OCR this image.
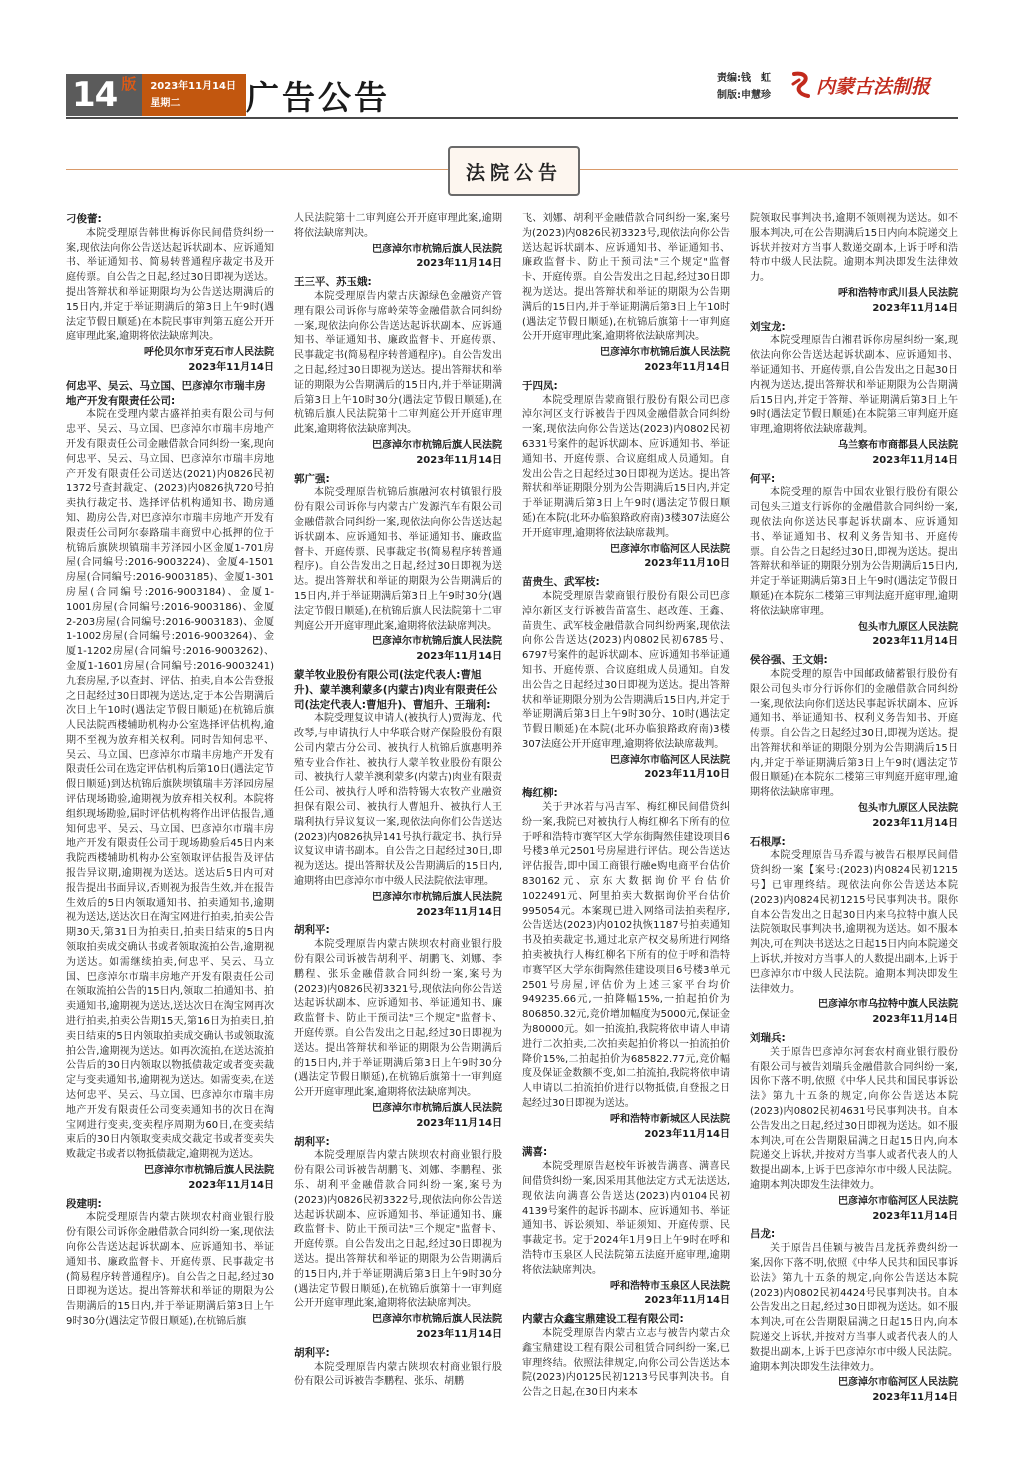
14 版	2023年11月14日
星期二	广告公告	责编:钱　虹
制版:申慧珍 内蒙古法制报
法院公告
刁俊蕾:
本院受理原告韩世梅诉你民间借贷纠纷一案,现依法向你公告送达起诉状副本、应诉通知书、举证通知书、简易转普通程序裁定书及开庭传票。自公告之日起,经过30日即视为送达。提出答辩状和举证期限均为公告送达期满后的15日内,并定于举证期满后的第3日上午9时(遇法定节假日顺延)在本院民事审判第五庭公开开庭审理此案,逾期将依法缺席判决。
呼伦贝尔市牙克石市人民法院
2023年11月14日
何忠平、吴云、马立国、巴彦淖尔市瑞丰房地产开发有限责任公司:
本院在受理内蒙古盛祥拍卖有限公司与何忠平、吴云、马立国、巴彦淖尔市瑞丰房地产开发有限责任公司金融借款合同纠纷一案,现向何忠平、吴云、马立国、巴彦淖尔市瑞丰房地产开发有限责任公司送达(2021)内0826民初1372号查封裁定、(2023)内0826执720号拍卖执行裁定书、选择评估机构通知书、勘房通知、勘房公告,对巴彦淖尔市瑞丰房地产开发有限责任公司阿尔泰路瑞丰商贸中心抵押的位于杭锦后旗陕坝镇瑞丰芳泽园小区金厦1-701房屋(合同编号:2016-9003224)、金厦4-1501房屋(合同编号:2016-9003185)、金厦1-301房屋(合同编号:2016-9003184)、金厦1-1001房屋(合同编号:2016-9003186)、金厦2-203房屋(合同编号:2016-9003183)、金厦1-1002房屋(合同编号:2016-9003264)、金厦1-1202房屋(合同编号:2016-9003262)、金厦1-1601房屋(合同编号:2016-9003241)九套房屋,予以查封、评估、拍卖,自本公告登报之日起经过30日即视为送达,定于本公告期满后次日上午10时(遇法定节假日顺延)在杭锦后旗人民法院西楼辅助机构办公室选择评估机构,逾期不至视为放弃相关权利。同时告知何忠平、吴云、马立国、巴彦淖尔市瑞丰房地产开发有限责任公司在选定评估机构后第10日(遇法定节假日顺延)到达杭锦后旗陕坝镇瑞丰芳泽园房屋评估现场勘验,逾期视为放弃相关权利。本院将组织现场勘验,届时评估机构将作出评估报告,通知何忠平、吴云、马立国、巴彦淖尔市瑞丰房地产开发有限责任公司于现场勘验后45日内来我院西楼辅助机构办公室领取评估报告及评估报告异议期,逾期视为送达。送达后5日内可对报告提出书面异议,否则视为报告生效,并在报告生效后的5日内领取通知书、拍卖通知书,逾期视为送达,送达次日在淘宝网进行拍卖,拍卖公告期30天,第31日为拍卖日,拍卖日结束的5日内领取拍卖成交确认书或者领取流拍公告,逾期视为送达。如需继续拍卖,何忠平、吴云、马立国、巴彦淖尔市瑞丰房地产开发有限责任公司在领取流拍公告的15日内,领取二拍通知书、拍卖通知书,逾期视为送达,送达次日在淘宝网再次进行拍卖,拍卖公告期15天,第16日为拍卖日,拍卖日结束的5日内领取拍卖成交确认书或领取流拍公告,逾期视为送达。如再次流拍,在送达流拍公告后的30日内领取以物抵债裁定或者变卖裁定与变卖通知书,逾期视为送达。如需变卖,在送达何忠平、吴云、马立国、巴彦淖尔市瑞丰房地产开发有限责任公司变卖通知书的次日在淘宝网进行变卖,变卖程序周期为60日,在变卖结束后的30日内领取变卖成交裁定书或者变卖失败裁定书或者以物抵债裁定,逾期视为送达。
巴彦淖尔市杭锦后旗人民法院
2023年11月14日
段建明:
本院受理原告内蒙古陕坝农村商业银行股份有限公司诉你金融借款合同纠纷一案,现依法向你公告送达起诉状副本、应诉通知书、举证通知书、廉政监督卡、开庭传票、民事裁定书(简易程序转普通程序)。自公告之日起,经过30日即视为送达。提出答辩状和举证的期限为公告期满后的15日内,并于举证期满后第3日上午9时30分(遇法定节假日顺延),在杭锦后旗
人民法院第十二审判庭公开开庭审理此案,逾期将依法缺席判决。
巴彦淖尔市杭锦后旗人民法院
2023年11月14日
王三平、苏玉娥:
本院受理原告内蒙古庆源绿色金融资产管理有限公司诉你与席岭荣等金融借款合同纠纷一案,现依法向你公告送达起诉状副本、应诉通知书、举证通知书、廉政监督卡、开庭传票、民事裁定书(简易程序转普通程序)。自公告发出之日起,经过30日即视为送达。提出答辩状和举证的期限为公告期满后的15日内,并于举证期满后第3日上午10时30分(遇法定节假日顺延),在杭锦后旗人民法院第十二审判庭公开开庭审理此案,逾期将依法缺席判决。
巴彦淖尔市杭锦后旗人民法院
2023年11月14日
郭广强:
本院受理原告杭锦后旗融河农村镇银行股份有限公司诉你与内蒙古广发源汽车有限公司金融借款合同纠纷一案,现依法向你公告送达起诉状副本、应诉通知书、举证通知书、廉政监督卡、开庭传票、民事裁定书(简易程序转普通程序)。自公告发出之日起,经过30日即视为送达。提出答辩状和举证的期限为公告期满后的15日内,并于举证期满后第3日上午9时30分(遇法定节假日顺延),在杭锦后旗人民法院第十二审判庭公开开庭审理此案,逾期将依法缺席判决。
巴彦淖尔市杭锦后旗人民法院
2023年11月14日
蒙羊牧业股份有限公司(法定代表人:曹旭升)、蒙羊澳利蒙多(内蒙古)肉业有限责任公司(法定代表人:曹旭升)、曹旭升、王瑞利:
本院受理复议申请人(被执行人)贾海龙、代改琴,与申请执行人中华联合财产保险股份有限公司内蒙古分公司、被执行人杭锦后旗惠明养殖专业合作社、被执行人蒙羊牧业股份有限公司、被执行人蒙羊澳利蒙多(内蒙古)肉业有限责任公司、被执行人呼和浩特锡大农牧产业融资担保有限公司、被执行人曹旭升、被执行人王瑞利执行异议复议一案,现依法向你们公告送达(2023)内0826执异141号执行裁定书、执行异议复议申请书副本。自公告之日起经过30日,即视为送达。提出答辩状及公告期满后的15日内,逾期将由巴彦淖尔市中级人民法院依法审理。
巴彦淖尔市杭锦后旗人民法院
2023年11月14日
胡利平:
本院受理原告内蒙古陕坝农村商业银行股份有限公司诉被告胡利平、胡鹏飞、刘娜、李鹏程、张乐金融借款合同纠纷一案,案号为(2023)内0826民初3321号,现依法向你公告送达起诉状副本、应诉通知书、举证通知书、廉政监督卡、防止干预司法"三个规定"监督卡、开庭传票。自公告发出之日起,经过30日即视为送达。提出答辩状和举证的期限为公告期满后的15日内,并于举证期满后第3日上午9时30分(遇法定节假日顺延),在杭锦后旗第十一审判庭公开开庭审理此案,逾期将依法缺席判决。
巴彦淖尔市杭锦后旗人民法院
2023年11月14日
胡利平:
本院受理原告内蒙古陕坝农村商业银行股份有限公司诉被告胡鹏飞、刘娜、李鹏程、张乐、胡利平金融借款合同纠纷一案,案号为(2023)内0826民初3322号,现依法向你公告送达起诉状副本、应诉通知书、举证通知书、廉政监督卡、防止干预司法"三个规定"监督卡、开庭传票。自公告发出之日起,经过30日即视为送达。提出答辩状和举证的期限为公告期满后的15日内,并于举证期满后第3日上午9时30分(遇法定节假日顺延),在杭锦后旗第十一审判庭公开开庭审理此案,逾期将依法缺席判决。
巴彦淖尔市杭锦后旗人民法院
2023年11月14日
胡利平:
本院受理原告内蒙古陕坝农村商业银行股份有限公司诉被告李鹏程、张乐、胡鹏
飞、刘娜、胡利平金融借款合同纠纷一案,案号为(2023)内0826民初3323号,现依法向你公告送达起诉状副本、应诉通知书、举证通知书、廉政监督卡、防止干预司法"三个规定"监督卡、开庭传票。自公告发出之日起,经过30日即视为送达。提出答辩状和举证的期限为公告期满后的15日内,并于举证期满后第3日上午10时(遇法定节假日顺延),在杭锦后旗第十一审判庭公开开庭审理此案,逾期将依法缺席判决。
巴彦淖尔市杭锦后旗人民法院
2023年11月14日
于四凤:
本院受理原告蒙商银行股份有限公司巴彦淖尔河区支行诉被告于四凤金融借款合同纠纷一案,现依法向你公告送达(2023)内0802民初6331号案件的起诉状副本、应诉通知书、举证通知书、开庭传票、合议庭组成人员通知。自发出公告之日起经过30日即视为送达。提出答辩状和举证期限分别为公告期满后15日内,并定于举证期满后第3日上午9时(遇法定节假日顺延)在本院(北环办临狼路政府南)3楼307法庭公开开庭审理,逾期将依法缺席裁判。
巴彦淖尔市临河区人民法院
2023年11月10日
苗贵生、武军枝:
本院受理原告蒙商银行股份有限公司巴彦淖尔新区支行诉被告苗富生、赵改莲、王鑫、苗贵生、武军枝金融借款合同纠纷两案,现依法向你公告送达(2023)内0802民初6785号、6797号案件的起诉状副本、应诉通知书举证通知书、开庭传票、合议庭组成人员通知。自发出公告之日起经过30日即视为送达。提出答辩状和举证期限分别为公告期满后15日内,并定于举证期满后第3日上午9时30分、10时(遇法定节假日顺延)在本院(北环办临狼路政府南)3楼307法庭公开开庭审理,逾期将依法缺席裁判。
巴彦淖尔市临河区人民法院
2023年11月10日
梅红柳:
关于尹冰若与冯吉军、梅红柳民间借贷纠纷一案,我院已对被执行人梅红柳名下所有的位于呼和浩特市赛罕区大学东街陶然佳建设项目6号楼3单元2501号房屋进行评估。现公告送达评估报告,即中国工商银行融e购电商平台估价830162元、京东大数据询价平台估价1022491元、阿里拍卖大数据询价平台估价995054元。本案现已进入网络司法拍卖程序,公告送达(2023)内0102执恢1187号拍卖通知书及拍卖裁定书,通过北京产权交易所进行网络拍卖被执行人梅红柳名下所有的位于呼和浩特市赛罕区大学东街陶然佳建设项目6号楼3单元2501号房屋,评估价为上述三家平台均价949235.66元,一拍降幅15%,一拍起拍价为806850.32元,竞价增加幅度为5000元,保证金为80000元。如一拍流拍,我院将依申请人申请进行二次拍卖,二次拍卖起拍价将以一拍流拍价降价15%,二拍起拍价为685822.77元,竞价幅度及保证金数额不变,如二拍流拍,我院将依申请人申请以二拍流拍价进行以物抵债,自登报之日起经过30日即视为送达。
呼和浩特市新城区人民法院
2023年11月14日
满喜:
本院受理原告赵校年诉被告满喜、满喜民间借贷纠纷一案,因采用其他法定方式无法送达,现依法向满喜公告送达(2023)内0104民初4139号案件的起诉书副本、应诉通知书、举证通知书、诉讼须知、举证须知、开庭传票、民事裁定书。定于2024年1月9日上午9时在呼和浩特市玉泉区人民法院第五法庭开庭审理,逾期将依法缺席判决。
呼和浩特市玉泉区人民法院
2023年11月14日
内蒙古众鑫宝鼎建设工程有限公司:
本院受理原告内蒙古立志与被告内蒙古众鑫宝鼎建设工程有限公司租赁合同纠纷一案,已审理终结。依照法律规定,向你公司公告送达本院(2023)内0125民初1213号民事判决书。自公告之日起,在30日内来本
院领取民事判决书,逾期不领则视为送达。如不服本判决,可在公告期满后15日内向本院递交上诉状并按对方当事人数递交副本,上诉于呼和浩特市中级人民法院。逾期本判决即发生法律效力。
呼和浩特市武川县人民法院
2023年11月14日
刘宝龙:
本院受理原告白湘君诉你房屋纠纷一案,现依法向你公告送达起诉状副本、应诉通知书、举证通知书、开庭传票,自公告发出之日起30日内视为送达,提出答辩状和举证期限为公告期满后15日内,并定于答辩、举证期满后第3日上午9时(遇法定节假日顺延)在本院第三审判庭开庭审理,逾期将依法缺席裁判。
乌兰察布市商都县人民法院
2023年11月14日
何平:
本院受理的原告中国农业银行股份有限公司包头三道支行诉你的金融借款合同纠纷一案,现依法向你送达民事起诉状副本、应诉通知书、举证通知书、权利义务告知书、开庭传票。自公告之日起经过30日,即视为送达。提出答辩状和举证的期限分别为公告期满后15日内,并定于举证期满后第3日上午9时(遇法定节假日顺延)在本院东二楼第三审判法庭开庭审理,逾期将依法缺席审理。
包头市九原区人民法院
2023年11月14日
侯谷强、王文娟:
本院受理的原告中国邮政储蓄银行股份有限公司包头市分行诉你们的金融借款合同纠纷一案,现依法向你们送达民事起诉状副本、应诉通知书、举证通知书、权利义务告知书、开庭传票。自公告之日起经过30日,即视为送达。提出答辩状和举证的期限分别为公告期满后15日内,并定于举证期满后第3日上午9时(遇法定节假日顺延)在本院东二楼第三审判庭开庭审理,逾期将依法缺席审理。
包头市九原区人民法院
2023年11月14日
石根厚:
本院受理原告马乔霞与被告石根厚民间借贷纠纷一案【案号:(2023)内0824民初1215号】已审理终结。现依法向你公告送达本院(2023)内0824民初1215号民事判决书。限你自本公告发出之日起30日内来乌拉特中旗人民法院领取民事判决书,逾期视为送达。如不服本判决,可在判决书送达之日起15日内向本院递交上诉状,并按对方当事人的人数提出副本,上诉于巴彦淖尔市中级人民法院。逾期本判决即发生法律效力。
巴彦淖尔市乌拉特中旗人民法院
2023年11月14日
刘瑞兵:
关于原告巴彦淖尔河套农村商业银行股份有限公司与被告刘瑞兵金融借款合同纠纷一案,因你下落不明,依照《中华人民共和国民事诉讼法》第九十五条的规定,向你公告送达本院(2023)内0802民初4631号民事判决书。自本公告发出之日起,经过30日即视为送达。如不服本判决,可在公告期限届满之日起15日内,向本院递交上诉状,并按对方当事人或者代表人的人数提出副本,上诉于巴彦淖尔市中级人民法院。逾期本判决即发生法律效力。
巴彦淖尔市临河区人民法院
2023年11月14日
吕龙:
关于原告吕佳颖与被告吕龙抚养费纠纷一案,因你下落不明,依照《中华人民共和国民事诉讼法》第九十五条的规定,向你公告送达本院(2023)内0802民初4424号民事判决书。自本公告发出之日起,经过30日即视为送达。如不服本判决,可在公告期限届满之日起15日内,向本院递交上诉状,并按对方当事人或者代表人的人数提出副本,上诉于巴彦淖尔市中级人民法院。逾期本判决即发生法律效力。
巴彦淖尔市临河区人民法院
2023年11月14日
